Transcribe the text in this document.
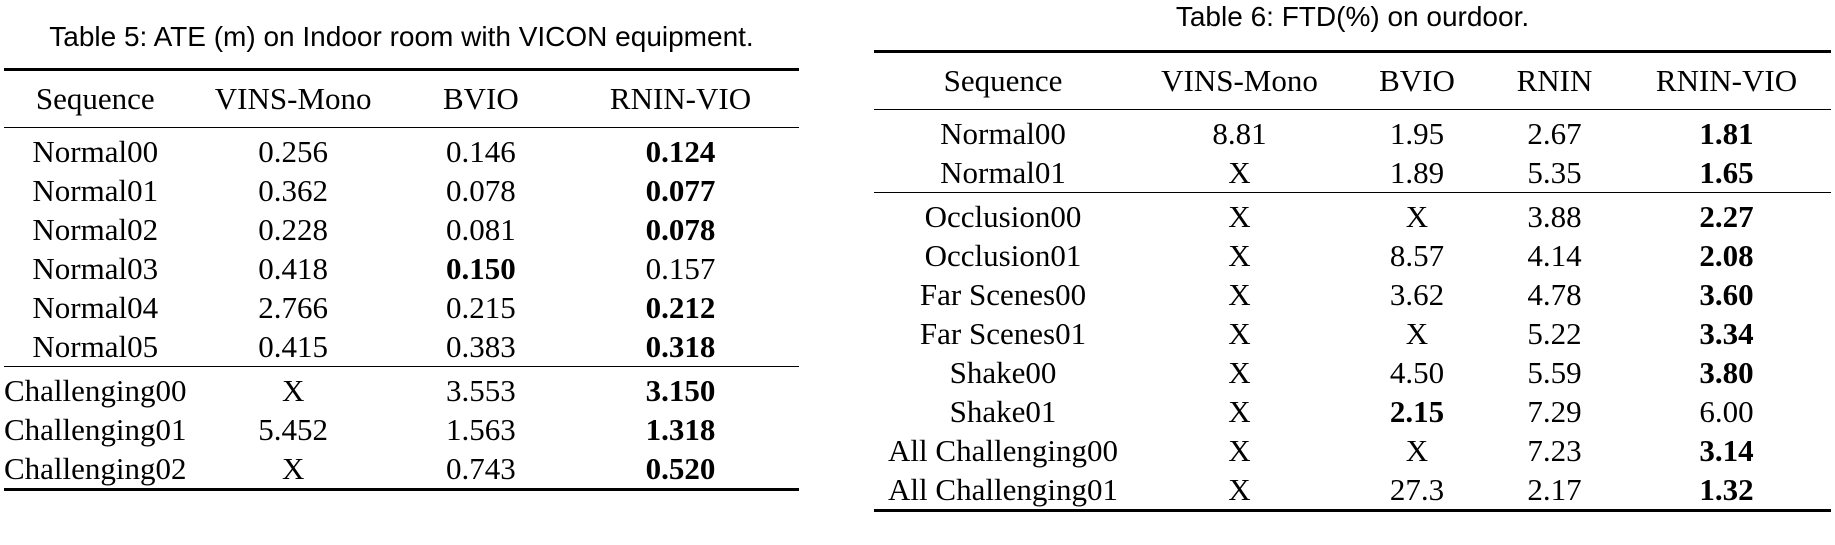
Table 5: ATE (m) on Indoor room with VICON equipment.
Sequence	VINS-Mono	BVIO	RNIN-VIO
Normal00	0.256	0.146	0.124
Normal01	0.362	0.078	0.077
Normal02	0.228	0.081	0.078
Normal03	0.418	0.150	0.157
Normal04	2.766	0.215	0.212
Normal05	0.415	0.383	0.318
Challenging00	X	3.553	3.150
Challenging01	5.452	1.563	1.318
Challenging02	X	0.743	0.520
Table 6: FTD(%) on ourdoor.
Sequence	VINS-Mono	BVIO	RNIN	RNIN-VIO
Normal00	8.81	1.95	2.67	1.81
Normal01	X	1.89	5.35	1.65
Occlusion00	X	X	3.88	2.27
Occlusion01	X	8.57	4.14	2.08
Far Scenes00	X	3.62	4.78	3.60
Far Scenes01	X	X	5.22	3.34
Shake00	X	4.50	5.59	3.80
Shake01	X	2.15	7.29	6.00
All Challenging00	X	X	7.23	3.14
All Challenging01	X	27.3	2.17	1.32
